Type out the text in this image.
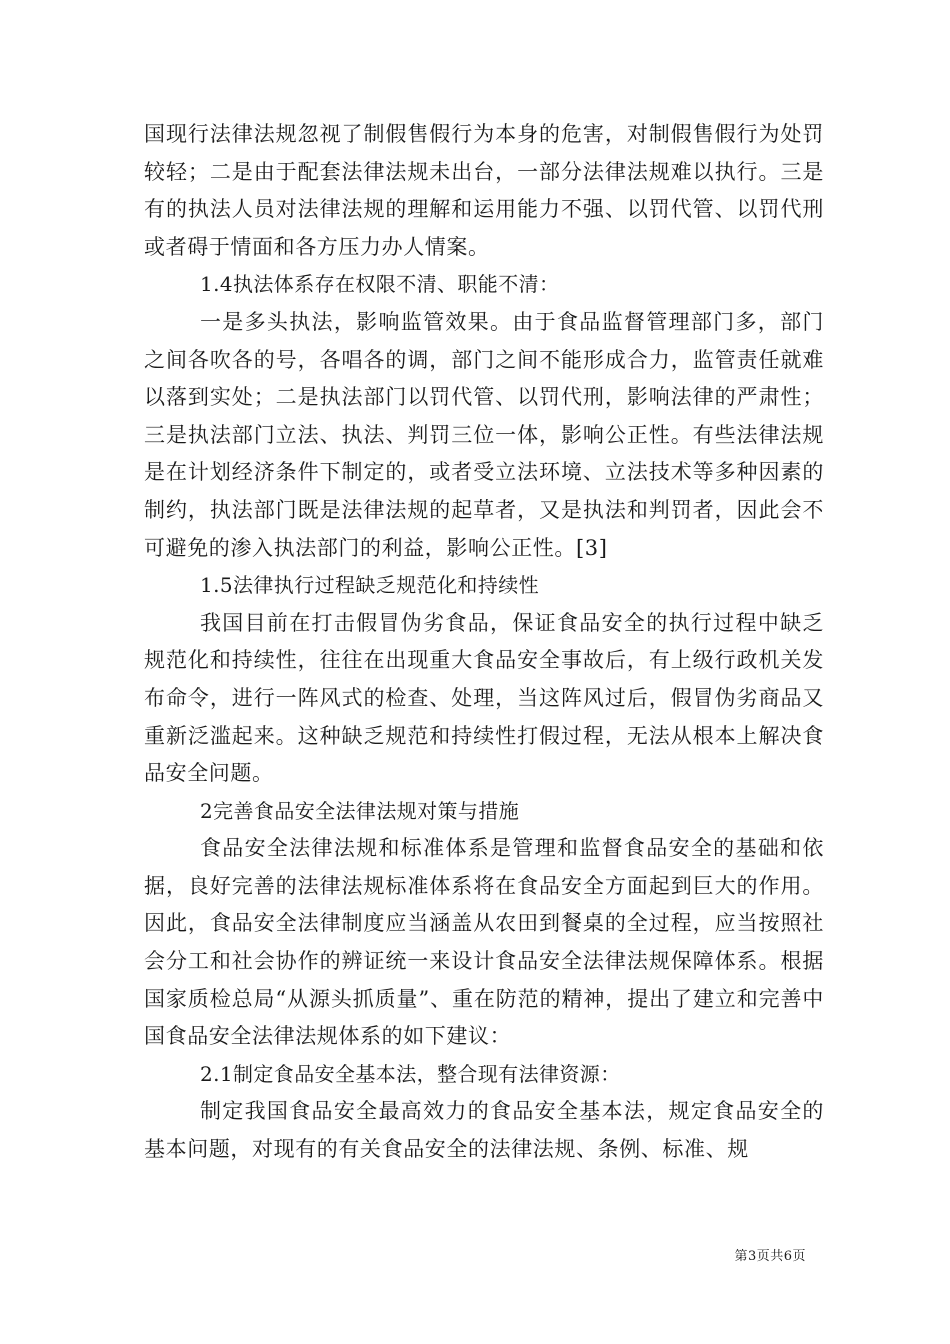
国现行法律法规忽视了制假售假行为本身的危害，对制假售假行为处罚较轻；二是由于配套法律法规未出台，一部分法律法规难以执行。三是有的执法人员对法律法规的理解和运用能力不强、以罚代管、以罚代刑或者碍于情面和各方压力办人情案。

1.4执法体系存在权限不清、职能不清：

一是多头执法，影响监管效果。由于食品监督管理部门多，部门之间各吹各的号，各唱各的调，部门之间不能形成合力，监管责任就难以落到实处；二是执法部门以罚代管、以罚代刑，影响法律的严肃性；三是执法部门立法、执法、判罚三位一体，影响公正性。有些法律法规是在计划经济条件下制定的，或者受立法环境、立法技术等多种因素的制约，执法部门既是法律法规的起草者，又是执法和判罚者，因此会不可避免的渗入执法部门的利益，影响公正性。[3]

1.5法律执行过程缺乏规范化和持续性

我国目前在打击假冒伪劣食品，保证食品安全的执行过程中缺乏规范化和持续性，往往在出现重大食品安全事故后，有上级行政机关发布命令，进行一阵风式的检查、处理，当这阵风过后，假冒伪劣商品又重新泛滥起来。这种缺乏规范和持续性打假过程，无法从根本上解决食品安全问题。

2完善食品安全法律法规对策与措施

食品安全法律法规和标准体系是管理和监督食品安全的基础和依据，良好完善的法律法规标准体系将在食品安全方面起到巨大的作用。因此，食品安全法律制度应当涵盖从农田到餐桌的全过程，应当按照社会分工和社会协作的辨证统一来设计食品安全法律法规保障体系。根据国家质检总局“从源头抓质量”、重在防范的精神，提出了建立和完善中国食品安全法律法规体系的如下建议：

2.1制定食品安全基本法，整合现有法律资源：

制定我国食品安全最高效力的食品安全基本法，规定食品安全的基本问题，对现有的有关食品安全的法律法规、条例、标准、规

第3页共6页
